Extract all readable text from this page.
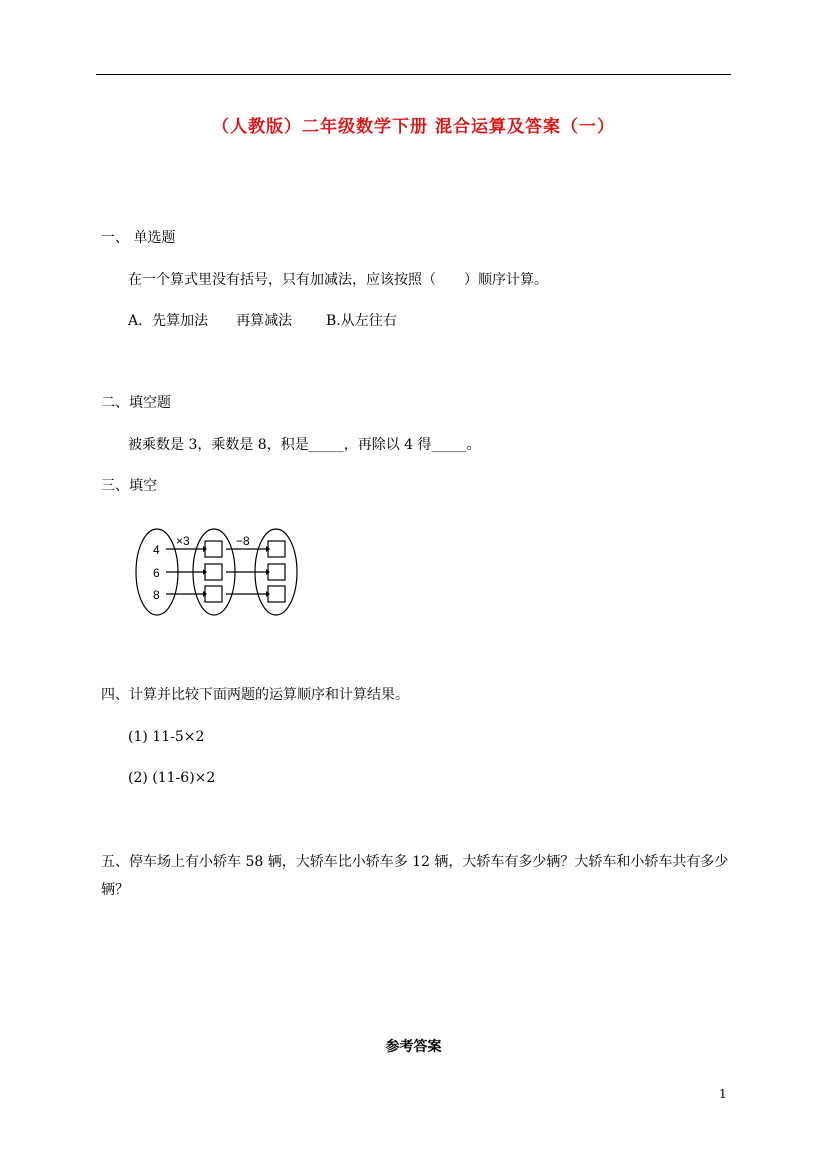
（人教版）二年级数学下册 混合运算及答案（一）
一、 单选题
在一个算式里没有括号，只有加减法，应该按照（　　）顺序计算。
A．先算加法　　再算减法 B.从左往右
二、填空题
被乘数是 3，乘数是 8，积是_____，再除以 4 得_____。
三、填空
4
6
8
×3	−8
四、计算并比较下面两题的运算顺序和计算结果。
(1) 11-5×2
(2) (11-6)×2
五、停车场上有小轿车 58 辆，大轿车比小轿车多 12 辆，大轿车有多少辆？大轿车和小轿车共有多少辆？
参考答案
1
